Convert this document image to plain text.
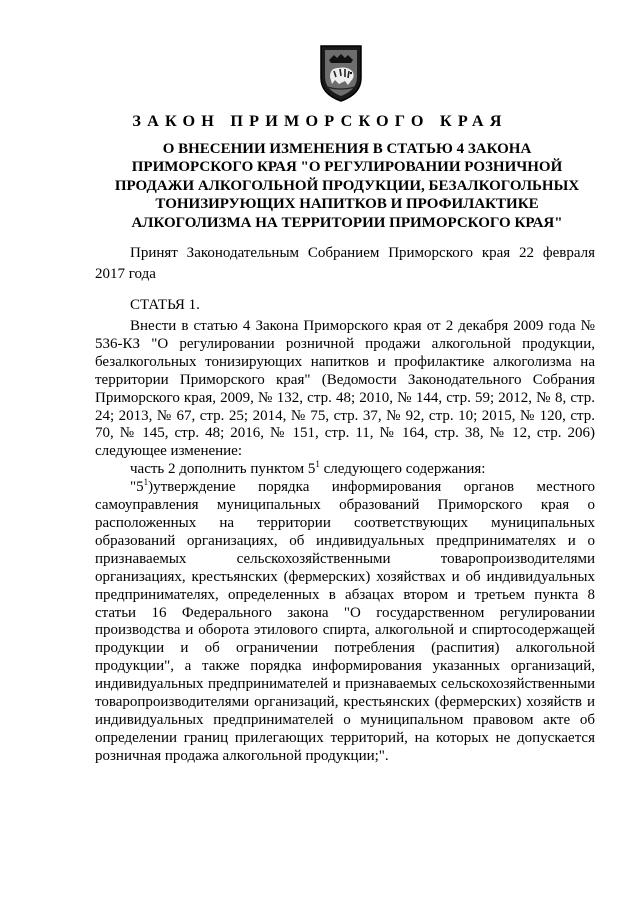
ЗАКОН ПРИМОРСКОГО КРАЯ
О ВНЕСЕНИИ ИЗМЕНЕНИЯ В СТАТЬЮ 4 ЗАКОНА ПРИМОРСКОГО КРАЯ "О РЕГУЛИРОВАНИИ РОЗНИЧНОЙ ПРОДАЖИ АЛКОГОЛЬНОЙ ПРОДУКЦИИ, БЕЗАЛКОГОЛЬНЫХ ТОНИЗИРУЮЩИХ НАПИТКОВ И ПРОФИЛАКТИКЕ АЛКОГОЛИЗМА НА ТЕРРИТОРИИ ПРИМОРСКОГО КРАЯ"

Принят Законодательным Собранием Приморского края 22 февраля 2017 года

СТАТЬЯ 1.

Внести в статью 4 Закона Приморского края от 2 декабря 2009 года № 536-КЗ "О регулировании розничной продажи алкогольной продукции, безалкогольных тонизирующих напитков и профилактике алкоголизма на территории Приморского края" (Ведомости Законодательного Собрания Приморского края, 2009, № 132, стр. 48; 2010, № 144, стр. 59; 2012, № 8, стр. 24; 2013, № 67, стр. 25; 2014, № 75, стр. 37, № 92, стр. 10; 2015, № 120, стр. 70, № 145, стр. 48; 2016, № 151, стр. 11, № 164, стр. 38, № 12, стр. 206) следующее изменение:

часть 2 дополнить пунктом $5^1$ следующего содержания:

"$5^1)утверждение$ порядка информирования органов местного самоуправления муниципальных образований Приморского края о расположенных на территории соответствующих муниципальных образований организациях, об индивидуальных предпринимателях и о признаваемых сельскохозяйственными товаропроизводителями организациях, крестьянских (фермерских) хозяйствах и об индивидуальных предпринимателях, определенных в абзацах втором и третьем пункта 8 статьи 16 Федерального закона "О государственном регулировании производства и оборота этилового спирта, алкогольной и спиртосодержащей продукции и об ограничении потребления (распития) алкогольной продукции", а также порядка информирования указанных организаций, индивидуальных предпринимателей и признаваемых сельскохозяйственными товаропроизводителями организаций, крестьянских (фермерских) хозяйств и индивидуальных предпринимателей о муниципальном правовом акте об определении границ прилегающих территорий, на которых не допускается розничная продажа алкогольной продукции;".
